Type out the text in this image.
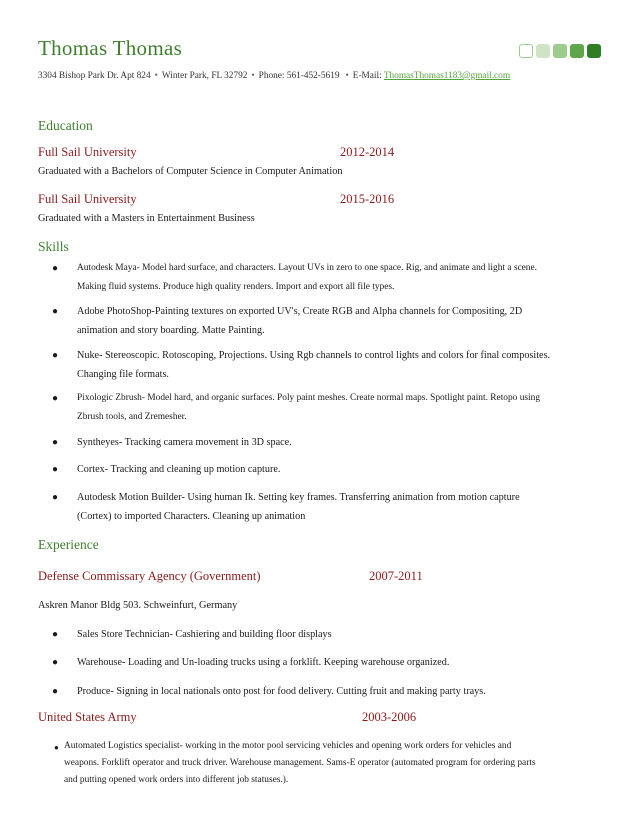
Thomas Thomas
3304 Bishop Park Dr. Apt 824 • Winter Park, FL 32792 • Phone: 561-452-5619 • E-Mail: ThomasThomas1183@gmail.com
Education
Full Sail University	2012-2014
Graduated with a Bachelors of Computer Science in Computer Animation
Full Sail University	2015-2016
Graduated with a Masters in Entertainment Business
Skills
● Autodesk Maya- Model hard surface, and characters. Layout UVs in zero to one space. Rig, and animate and light a scene.
Making fluid systems. Produce high quality renders. Import and export all file types.
● Adobe PhotoShop-Painting textures on exported UV's, Create RGB and Alpha channels for Compositing, 2D
animation and story boarding. Matte Painting.
● Nuke- Stereoscopic. Rotoscoping, Projections. Using Rgb channels to control lights and colors for final composites.
Changing file formats.
● Pixologic Zbrush- Model hard, and organic surfaces. Poly paint meshes. Create normal maps. Spotlight paint. Retopo using
Zbrush tools, and Zremesher.
● Syntheyes- Tracking camera movement in 3D space.
● Cortex- Tracking and cleaning up motion capture.
● Autodesk Motion Builder- Using human Ik. Setting key frames. Transferring animation from motion capture
(Cortex) to imported Characters. Cleaning up animation
Experience
Defense Commissary Agency (Government)	2007-2011
Askren Manor Bldg 503. Schweinfurt, Germany
● Sales Store Technician- Cashiering and building floor displays
● Warehouse- Loading and Un-loading trucks using a forklift. Keeping warehouse organized.
● Produce- Signing in local nationals onto post for food delivery. Cutting fruit and making party trays.
United States Army	2003-2006
● Automated Logistics specialist- working in the motor pool servicing vehicles and opening work orders for vehicles and
weapons. Forklift operator and truck driver. Warehouse management. Sams-E operator (automated program for ordering parts
and putting opened work orders into different job statuses.).
